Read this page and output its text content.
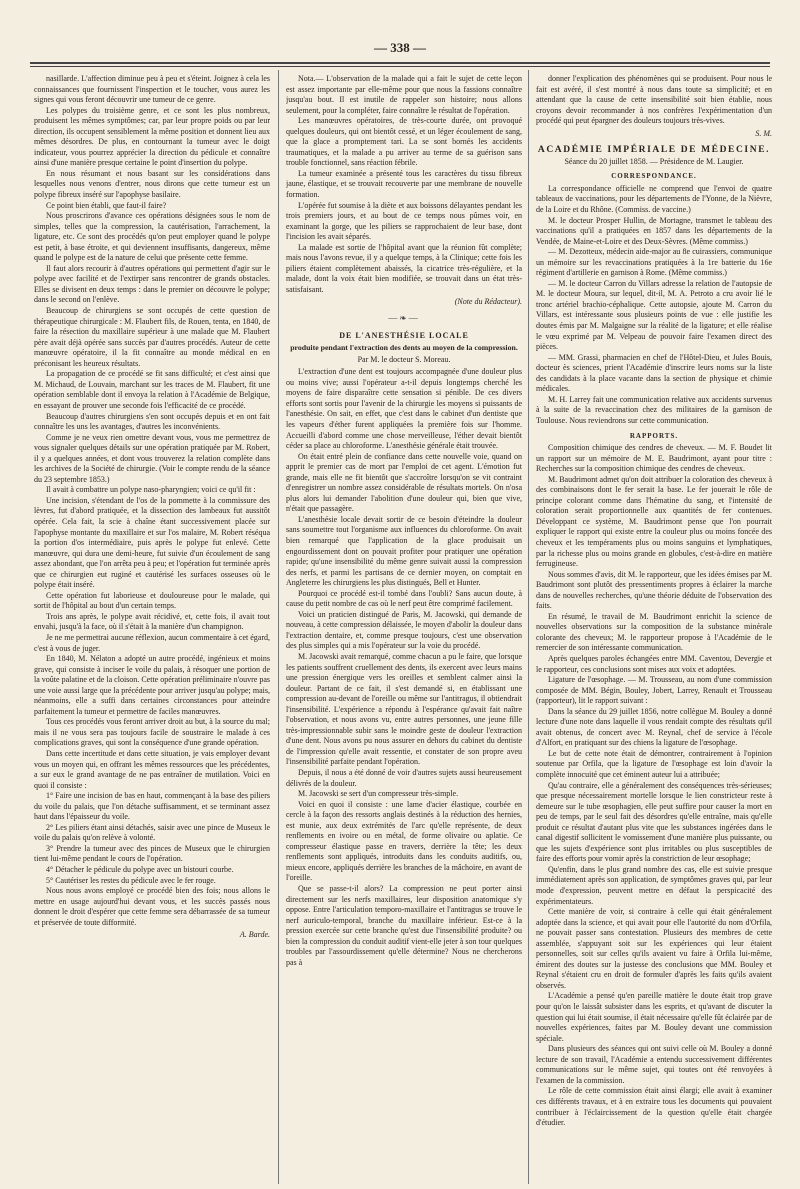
— 338 —

nasillarde. L'affection diminue peu à peu et s'éteint. Joignez à cela les connaissances que fournissent l'inspection et le toucher, vous aurez les signes qui vous feront découvrir une tumeur de ce genre.

Les polypes du troisième genre, et ce sont les plus nombreux, produisent les mêmes symptômes; car, par leur propre poids ou par leur direction, ils occupent sensiblement la même position et donnent lieu aux mêmes désordres. De plus, en contournant la tumeur avec le doigt indicateur, vous pourrez apprécier la direction du pédicule et connaître ainsi d'une manière presque certaine le point d'insertion du polype.

En nous résumant et nous basant sur les considérations dans lesquelles nous venons d'entrer, nous dirons que cette tumeur est un polype fibreux inséré sur l'apophyse basilaire.

Ce point bien établi, que faut-il faire?

Nous proscrirons d'avance ces opérations désignées sous le nom de simples, telles que la compression, la cautérisation, l'arrachement, la ligature, etc. Ce sont des procédés qu'on peut employer quand le polype est petit, à base étroite, et qui deviennent insuffisants, dangereux, même quand le polype est de la nature de celui que présente cette femme.

Il faut alors recourir à d'autres opérations qui permettent d'agir sur le polype avec facilité et de l'extirper sans rencontrer de grands obstacles. Elles se divisent en deux temps : dans le premier on découvre le polype; dans le second on l'enlève.

Beaucoup de chirurgiens se sont occupés de cette question de thérapeutique chirurgicale : M. Flaubert fils, de Rouen, tenta, en 1840, de faire la résection du maxillaire supérieur à une malade que M. Flaubert père avait déjà opérée sans succès par d'autres procédés. Auteur de cette manœuvre opératoire, il la fit connaître au monde médical en en préconisant les heureux résultats.

La propagation de ce procédé se fit sans difficulté; et c'est ainsi que M. Michaud, de Louvain, marchant sur les traces de M. Flaubert, fit une opération semblable dont il envoya la relation à l'Académie de Belgique, en essayant de prouver une seconde fois l'efficacité de ce procédé.

Beaucoup d'autres chirurgiens s'en sont occupés depuis et en ont fait connaître les uns les avantages, d'autres les inconvénients.

Comme je ne veux rien omettre devant vous, vous me permettrez de vous signaler quelques détails sur une opération pratiquée par M. Robert, il y a quelques années, et dont vous trouverez la relation complète dans les archives de la Société de chirurgie. (Voir le compte rendu de la séance du 23 septembre 1853.)

Il avait à combattre un polype naso-pharyngien; voici ce qu'il fit :

Une incision, s'étendant de l'os de la pommette à la commissure des lèvres, fut d'abord pratiquée, et la dissection des lambeaux fut aussitôt opérée. Cela fait, la scie à chaîne étant successivement placée sur l'apophyse montante du maxillaire et sur l'os malaire, M. Robert réséqua la portion d'os intermédiaire, puis après le polype fut enlevé. Cette manœuvre, qui dura une demi-heure, fut suivie d'un écoulement de sang assez abondant, que l'on arrêta peu à peu; et l'opération fut terminée après que ce chirurgien eut ruginé et cautérisé les surfaces osseuses où le polype était inséré.

Cette opération fut laborieuse et douloureuse pour le malade, qui sortit de l'hôpital au bout d'un certain temps.

Trois ans après, le polype avait récidivé, et, cette fois, il avait tout envahi, jusqu'à la face, où il s'était à la manière d'un champignon.

Je ne me permettrai aucune réflexion, aucun commentaire à cet égard, c'est à vous de juger.

En 1840, M. Nélaton a adopté un autre procédé, ingénieux et moins grave, qui consiste à inciser le voile du palais, à résoquer une portion de la voûte palatine et de la cloison. Cette opération préliminaire n'ouvre pas une voie aussi large que la précédente pour arriver jusqu'au polype; mais, néanmoins, elle a suffi dans certaines circonstances pour atteindre parfaitement la tumeur et permettre de faciles manœuvres.

Tous ces procédés vous feront arriver droit au but, à la source du mal; mais il ne vous sera pas toujours facile de soustraire le malade à ces complications graves, qui sont la conséquence d'une grande opération.

Dans cette incertitude et dans cette situation, je vais employer devant vous un moyen qui, en offrant les mêmes ressources que les précédentes, a sur eux le grand avantage de ne pas entraîner de mutilation. Voici en quoi il consiste :

1° Faire une incision de bas en haut, commençant à la base des piliers du voile du palais, que l'on détache suffisamment, et se terminant assez haut dans l'épaisseur du voile.

2° Les piliers étant ainsi détachés, saisir avec une pince de Museux le voile du palais qu'on relève à volonté.

3° Prendre la tumeur avec des pinces de Museux que le chirurgien tient lui-même pendant le cours de l'opération.

4° Détacher le pédicule du polype avec un bistouri courbe.

5° Cautériser les restes du pédicule avec le fer rouge.

Nous nous avons employé ce procédé bien des fois; nous allons le mettre en usage aujourd'hui devant vous, et les succès passés nous donnent le droit d'espérer que cette femme sera débarrassée de sa tumeur et préservée de toute difformité.

A. Barde.

Nota.— L'observation de la malade qui a fait le sujet de cette leçon est assez importante par elle-même pour que nous la fassions connaître jusqu'au bout. Il est inutile de rappeler son histoire; nous allons seulement, pour la compléter, faire connaître le résultat de l'opération.

Les manœuvres opératoires, de très-courte durée, ont provoqué quelques douleurs, qui ont bientôt cessé, et un léger écoulement de sang, que la glace a promptement tari. La se sont bornés les accidents traumatiques, et la malade a pu arriver au terme de sa guérison sans trouble fonctionnel, sans réaction fébrile.

La tumeur examinée a présenté tous les caractères du tissu fibreux jaune, élastique, et se trouvait recouverte par une membrane de nouvelle formation.

L'opérée fut soumise à la diète et aux boissons délayantes pendant les trois premiers jours, et au bout de ce temps nous pûmes voir, en examinant la gorge, que les piliers se rapprochaient de leur base, dont l'incision les avait séparés.

La malade est sortie de l'hôpital avant que la réunion fût complète; mais nous l'avons revue, il y a quelque temps, à la Clinique; cette fois les piliers étaient complètement abaissés, la cicatrice très-régulière, et la malade, dont la voix était bien modifiée, se trouvait dans un état très-satisfaisant.

(Note du Rédacteur).
—❧—
DE L'ANESTHÉSIE LOCALE
produite pendant l'extraction des dents au moyen de la compression.
Par M. le docteur S. Moreau.

L'extraction d'une dent est toujours accompagnée d'une douleur plus ou moins vive; aussi l'opérateur a-t-il depuis longtemps cherché les moyens de faire disparaître cette sensation si pénible. De ces divers efforts sont sortis pour l'avenir de la chirurgie les moyens si puissants de l'anesthésie. On sait, en effet, que c'est dans le cabinet d'un dentiste que les vapeurs d'éther furent appliquées la première fois sur l'homme. Accueilli d'abord comme une chose merveilleuse, l'éther devait bientôt céder sa place au chloroforme. L'anesthésie générale était trouvée.

On était entré plein de confiance dans cette nouvelle voie, quand on apprit le premier cas de mort par l'emploi de cet agent. L'émotion fut grande, mais elle ne fit bientôt que s'accroître lorsqu'on se vit contraint d'enregistrer un nombre assez considérable de résultats mortels. On n'osa plus alors lui demander l'abolition d'une douleur qui, bien que vive, n'était que passagère.

L'anesthésie locale devait sortir de ce besoin d'éteindre la douleur sans soumettre tout l'organisme aux influences du chloroforme. On avait bien remarqué que l'application de la glace produisait un engourdissement dont on pouvait profiter pour pratiquer une opération rapide; qu'une insensibilité du même genre suivait aussi la compression des nerfs, et parmi les partisans de ce dernier moyen, on comptait en Angleterre les chirurgiens les plus distingués, Bell et Hunter.

Pourquoi ce procédé est-il tombé dans l'oubli? Sans aucun doute, à cause du petit nombre de cas où le nerf peut être comprimé facilement.

Voici un praticien distingué de Paris, M. Jacowski, qui demande de nouveau, à cette compression délaissée, le moyen d'abolir la douleur dans l'extraction dentaire, et, comme presque toujours, c'est une observation des plus simples qui a mis l'opérateur sur la voie du procédé.

M. Jacowski avait remarqué, comme chacun a pu le faire, que lorsque les patients souffrent cruellement des dents, ils exercent avec leurs mains une pression énergique vers les oreilles et semblent calmer ainsi la douleur. Partant de ce fait, il s'est demandé si, en établissant une compression au-devant de l'oreille ou même sur l'antitragus, il obtiendrait l'insensibilité. L'expérience a répondu à l'espérance qu'avait fait naître l'observation, et nous avons vu, entre autres personnes, une jeune fille très-impressionnable subir sans le moindre geste de douleur l'extraction d'une dent. Nous avons pu nous assurer en dehors du cabinet du dentiste de l'impression qu'elle avait ressentie, et constater de son propre aveu l'insensibilité parfaite pendant l'opération.

Depuis, il nous a été donné de voir d'autres sujets aussi heureusement délivrés de la douleur.

M. Jacowski se sert d'un compresseur très-simple.

Voici en quoi il consiste : une lame d'acier élastique, courbée en cercle à la façon des ressorts anglais destinés à la réduction des hernies, est munie, aux deux extrémités de l'arc qu'elle représente, de deux renflements en ivoire ou en métal, de forme olivaire ou aplatie. Ce compresseur élastique passe en travers, derrière la tête; les deux renflements sont appliqués, introduits dans les conduits auditifs, ou, mieux encore, appliqués derrière les branches de la mâchoire, en avant de l'oreille.

Que se passe-t-il alors? La compression ne peut porter ainsi directement sur les nerfs maxillaires, leur disposition anatomique s'y oppose. Entre l'articulation temporo-maxillaire et l'antitragus se trouve le nerf auriculo-temporal, branche du maxillaire inférieur. Est-ce à la pression exercée sur cette branche qu'est due l'insensibilité produite? ou bien la compression du conduit auditif vient-elle jeter à son tour quelques troubles par l'assourdissement qu'elle détermine? Nous ne chercherons pas à

donner l'explication des phénomènes qui se produisent. Pour nous le fait est avéré, il s'est montré à nous dans toute sa simplicité; et en attendant que la cause de cette insensibilité soit bien établie, nous croyons devoir recommander à nos confrères l'expérimentation d'un procédé qui peut épargner des douleurs toujours très-vives.

S. M.
ACADÉMIE IMPÉRIALE DE MÉDECINE.
Séance du 20 juillet 1858. — Présidence de M. Laugier.
CORRESPONDANCE.

La correspondance officielle ne comprend que l'envoi de quatre tableaux de vaccinations, pour les départements de l'Yonne, de la Nièvre, de la Loire et du Rhône. (Commiss. de vaccine.)

M. le docteur Prosper Hullin, de Mortagne, transmet le tableau des vaccinations qu'il a pratiquées en 1857 dans les départements de la Vendée, de Maine-et-Loire et des Deux-Sèvres. (Même commiss.)

— M. Dezotteux, médecin aide-major au 8e cuirassiers, communique un mémoire sur les revaccinations pratiquées à la 1re batterie du 16e régiment d'artillerie en garnison à Rome. (Même commiss.)

— M. le docteur Carron du Villars adresse la relation de l'autopsie de M. le docteur Moura, sur lequel, dit-il, M. A. Petroto a cru avoir lié le tronc artériel brachio-céphalique. Cette autopsie, ajoute M. Carron du Villars, est intéressante sous plusieurs points de vue : elle justifie les doutes émis par M. Malgaigne sur la réalité de la ligature; et elle réalise le vœu exprimé par M. Velpeau de pouvoir faire l'examen direct des pièces.

— MM. Grassi, pharmacien en chef de l'Hôtel-Dieu, et Jules Bouis, docteur ès sciences, prient l'Académie d'inscrire leurs noms sur la liste des candidats à la place vacante dans la section de physique et chimie médicales.

M. H. Larrey fait une communication relative aux accidents survenus à la suite de la revaccination chez des militaires de la garnison de Toulouse. Nous reviendrons sur cette communication.

RAPPORTS.

Composition chimique des cendres de cheveux. — M. F. Boudet lit un rapport sur un mémoire de M. E. Baudrimont, ayant pour titre : Recherches sur la composition chimique des cendres de cheveux.

M. Baudrimont admet qu'on doit attribuer la coloration des cheveux à des combinaisons dont le fer serait la base. Le fer jouerait le rôle de principe colorant comme dans l'hématine du sang, et l'intensité de coloration serait proportionnelle aux quantités de fer contenues. Développant ce système, M. Baudrimont pense que l'on pourrait expliquer le rapport qui existe entre la couleur plus ou moins foncée des cheveux et les tempéraments plus ou moins sanguins et lymphatiques, par la richesse plus ou moins grande en globules, c'est-à-dire en matière ferrugineuse.

Nous sommes d'avis, dit M. le rapporteur, que les idées émises par M. Baudrimont sont plutôt des pressentiments propres à éclairer la marche dans de nouvelles recherches, qu'une théorie déduite de l'observation des faits.

En résumé, le travail de M. Baudrimont enrichit la science de nouvelles observations sur la composition de la substance minérale colorante des cheveux; M. le rapporteur propose à l'Académie de le remercier de son intéressante communication.

Après quelques paroles échangées entre MM. Caventou, Devergie et le rapporteur, ces conclusions sont mises aux voix et adoptées.

Ligature de l'œsophage. — M. Trousseau, au nom d'une commission composée de MM. Bégin, Bouley, Jobert, Larrey, Renault et Trousseau (rapporteur), lit le rapport suivant :

Dans la séance du 29 juillet 1856, notre collègue M. Bouley a donné lecture d'une note dans laquelle il vous rendait compte des résultats qu'il avait obtenus, de concert avec M. Reynal, chef de service à l'école d'Alfort, en pratiquant sur des chiens la ligature de l'œsophage.

Le but de cette note était de démontrer, contrairement à l'opinion soutenue par Orfila, que la ligature de l'œsophage est loin d'avoir la complète innocuité que cet éminent auteur lui a attribuée;

Qu'au contraire, elle a généralement des conséquences très-sérieuses; que presque nécessairement mortelle lorsque le lien constricteur reste à demeure sur le tube œsophagien, elle peut suffire pour causer la mort en peu de temps, par le seul fait des désordres qu'elle entraîne, mais qu'elle produit ce résultat d'autant plus vite que les substances ingérées dans le canal digestif sollicitent le vomissement d'une manière plus puissante, ou que les sujets d'expérience sont plus irritables ou plus susceptibles de faire des efforts pour vomir après la constriction de leur œsophage;

Qu'enfin, dans le plus grand nombre des cas, elle est suivie presque immédiatement après son application, de symptômes graves qui, par leur mode d'expression, peuvent mettre en défaut la perspicacité des expérimentateurs.

Cette manière de voir, si contraire à celle qui était généralement adoptée dans la science, et qui avait pour elle l'autorité du nom d'Orfila, ne pouvait passer sans contestation. Plusieurs des membres de cette assemblée, s'appuyant soit sur les expériences qui leur étaient personnelles, soit sur celles qu'ils avaient vu faire à Orfila lui-même, émirent des doutes sur la justesse des conclusions que MM. Bouley et Reynal s'étaient cru en droit de formuler d'après les faits qu'ils avaient observés.

L'Académie a pensé qu'en pareille matière le doute était trop grave pour qu'on le laissât subsister dans les esprits, et qu'avant de discuter la question qui lui était soumise, il était nécessaire qu'elle fût éclairée par de nouvelles expériences, faites par M. Bouley devant une commission spéciale.

Dans plusieurs des séances qui ont suivi celle où M. Bouley a donné lecture de son travail, l'Académie a entendu successivement différentes communications sur le même sujet, qui toutes ont été renvoyées à l'examen de la commission.

Le rôle de cette commission était ainsi élargi; elle avait à examiner ces différents travaux, et à en extraire tous les documents qui pouvaient contribuer à l'éclaircissement de la question qu'elle était chargée d'étudier.
